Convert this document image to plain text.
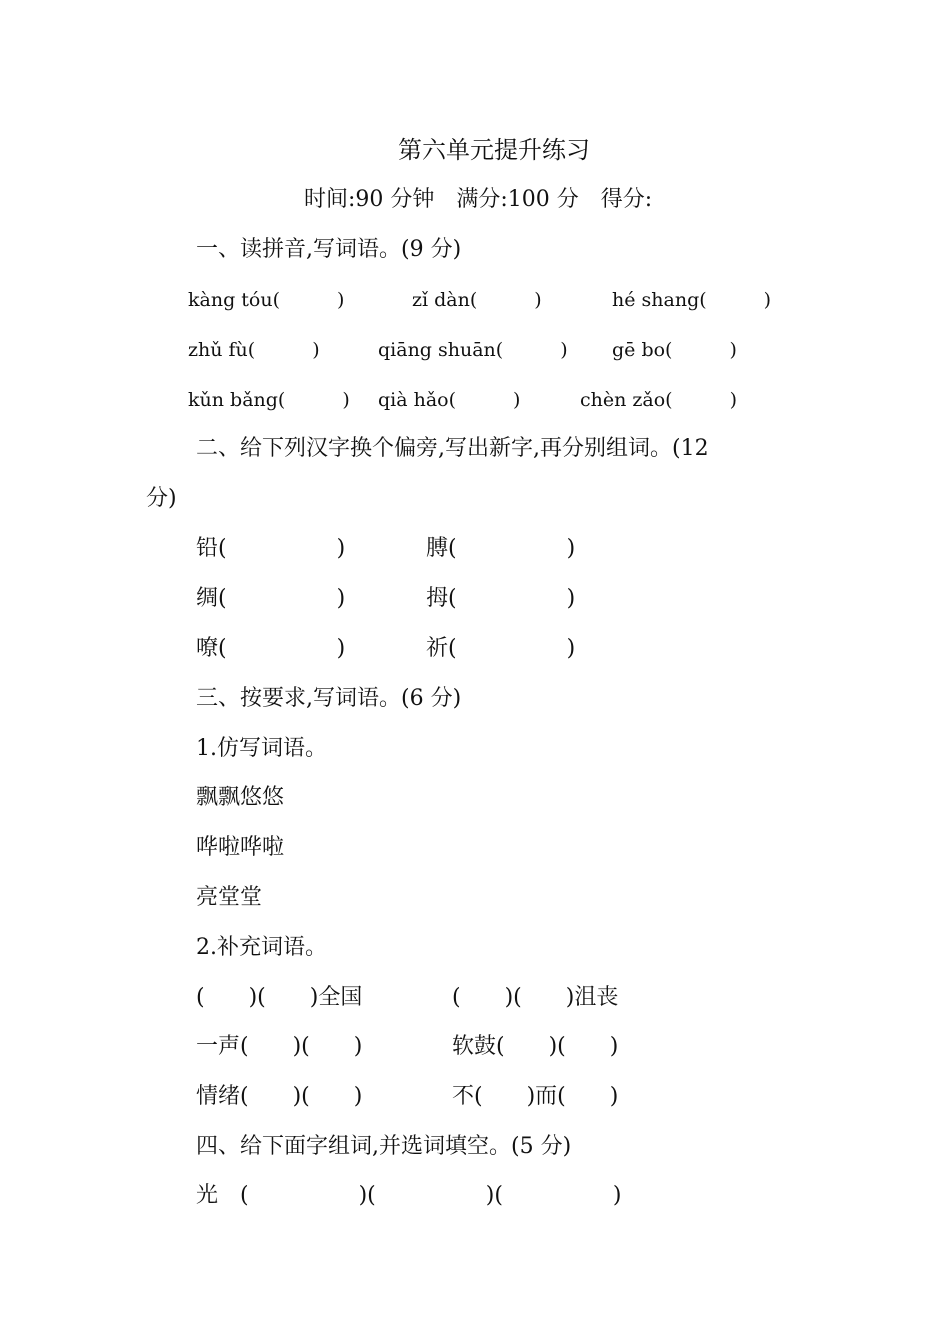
第六单元提升练习
时间:90 分钟　满分:100 分　得分:
一、读拼音,写词语。(9 分)
kàng tóu(　　　)	zǐ dàn(　　　)	hé shang(　　　)
zhǔ fù(　　　)	qiāng shuān(　　　) gē bo(　　　)
kǔn bǎng(　　　) qià hǎo(　　　)	chèn zǎo(　　　)
二、给下列汉字换个偏旁,写出新字,再分别组词。(12
分)
铅(　　　　　)	膊(　　　　　)
绸(　　　　　)	拇(　　　　　)
嘹(　　　　　)	祈(　　　　　)
三、按要求,写词语。(6 分)
1.仿写词语。
飘飘悠悠
哗啦哗啦
亮堂堂
2.补充词语。
(　　)(　　)全国	(　　)(　　)沮丧
一声(　　)(　　)	软鼓(　　)(　　)
情绪(　　)(　　)	不(　　)而(　　)
四、给下面字组词,并选词填空。(5 分)
光　(　　　　　)(　　　　　)(　　　　　)
